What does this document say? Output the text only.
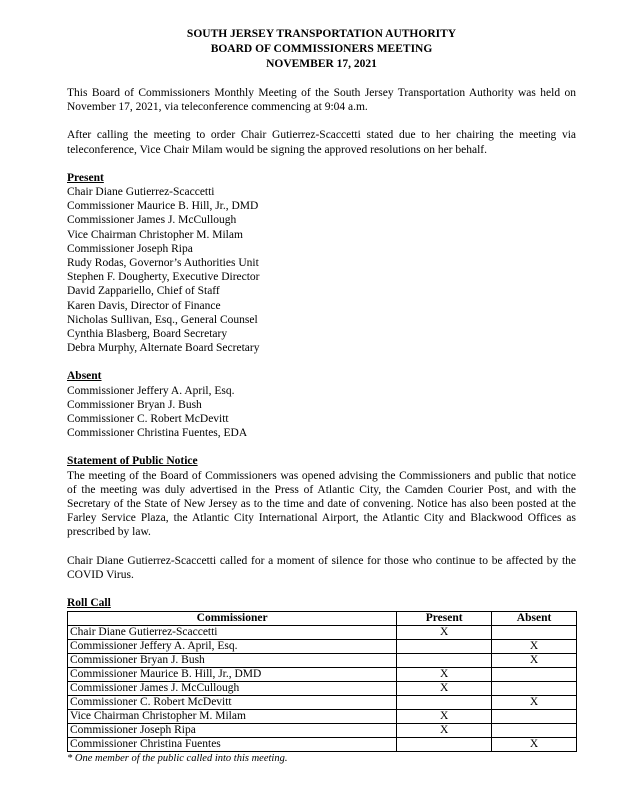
SOUTH JERSEY TRANSPORTATION AUTHORITY
BOARD OF COMMISSIONERS MEETING
NOVEMBER 17, 2021

This Board of Commissioners Monthly Meeting of the South Jersey Transportation Authority was held on November 17, 2021, via teleconference commencing at 9:04 a.m.

After calling the meeting to order Chair Gutierrez-Scaccetti stated due to her chairing the meeting via teleconference, Vice Chair Milam would be signing the approved resolutions on her behalf.

Present
Chair Diane Gutierrez-Scaccetti
Commissioner Maurice B. Hill, Jr., DMD
Commissioner James J. McCullough
Vice Chairman Christopher M. Milam
Commissioner Joseph Ripa
Rudy Rodas, Governor’s Authorities Unit
Stephen F. Dougherty, Executive Director
David Zappariello, Chief of Staff
Karen Davis, Director of Finance
Nicholas Sullivan, Esq., General Counsel
Cynthia Blasberg, Board Secretary
Debra Murphy, Alternate Board Secretary
Absent
Commissioner Jeffery A. April, Esq.
Commissioner Bryan J. Bush
Commissioner C. Robert McDevitt
Commissioner Christina Fuentes, EDA
Statement of Public Notice

The meeting of the Board of Commissioners was opened advising the Commissioners and public that notice of the meeting was duly advertised in the Press of Atlantic City, the Camden Courier Post, and with the Secretary of the State of New Jersey as to the time and date of convening. Notice has also been posted at the Farley Service Plaza, the Atlantic City International Airport, the Atlantic City and Blackwood Offices as prescribed by law.

Chair Diane Gutierrez-Scaccetti called for a moment of silence for those who continue to be affected by the COVID Virus.

Roll Call
Commissioner	Present	Absent
Chair Diane Gutierrez-Scaccetti	X	
Commissioner Jeffery A. April, Esq.		X
Commissioner Bryan J. Bush		X
Commissioner Maurice B. Hill, Jr., DMD	X	
Commissioner James J. McCullough	X	
Commissioner C. Robert McDevitt		X
Vice Chairman Christopher M. Milam	X	
Commissioner Joseph Ripa	X	
Commissioner Christina Fuentes		X
* One member of the public called into this meeting.
